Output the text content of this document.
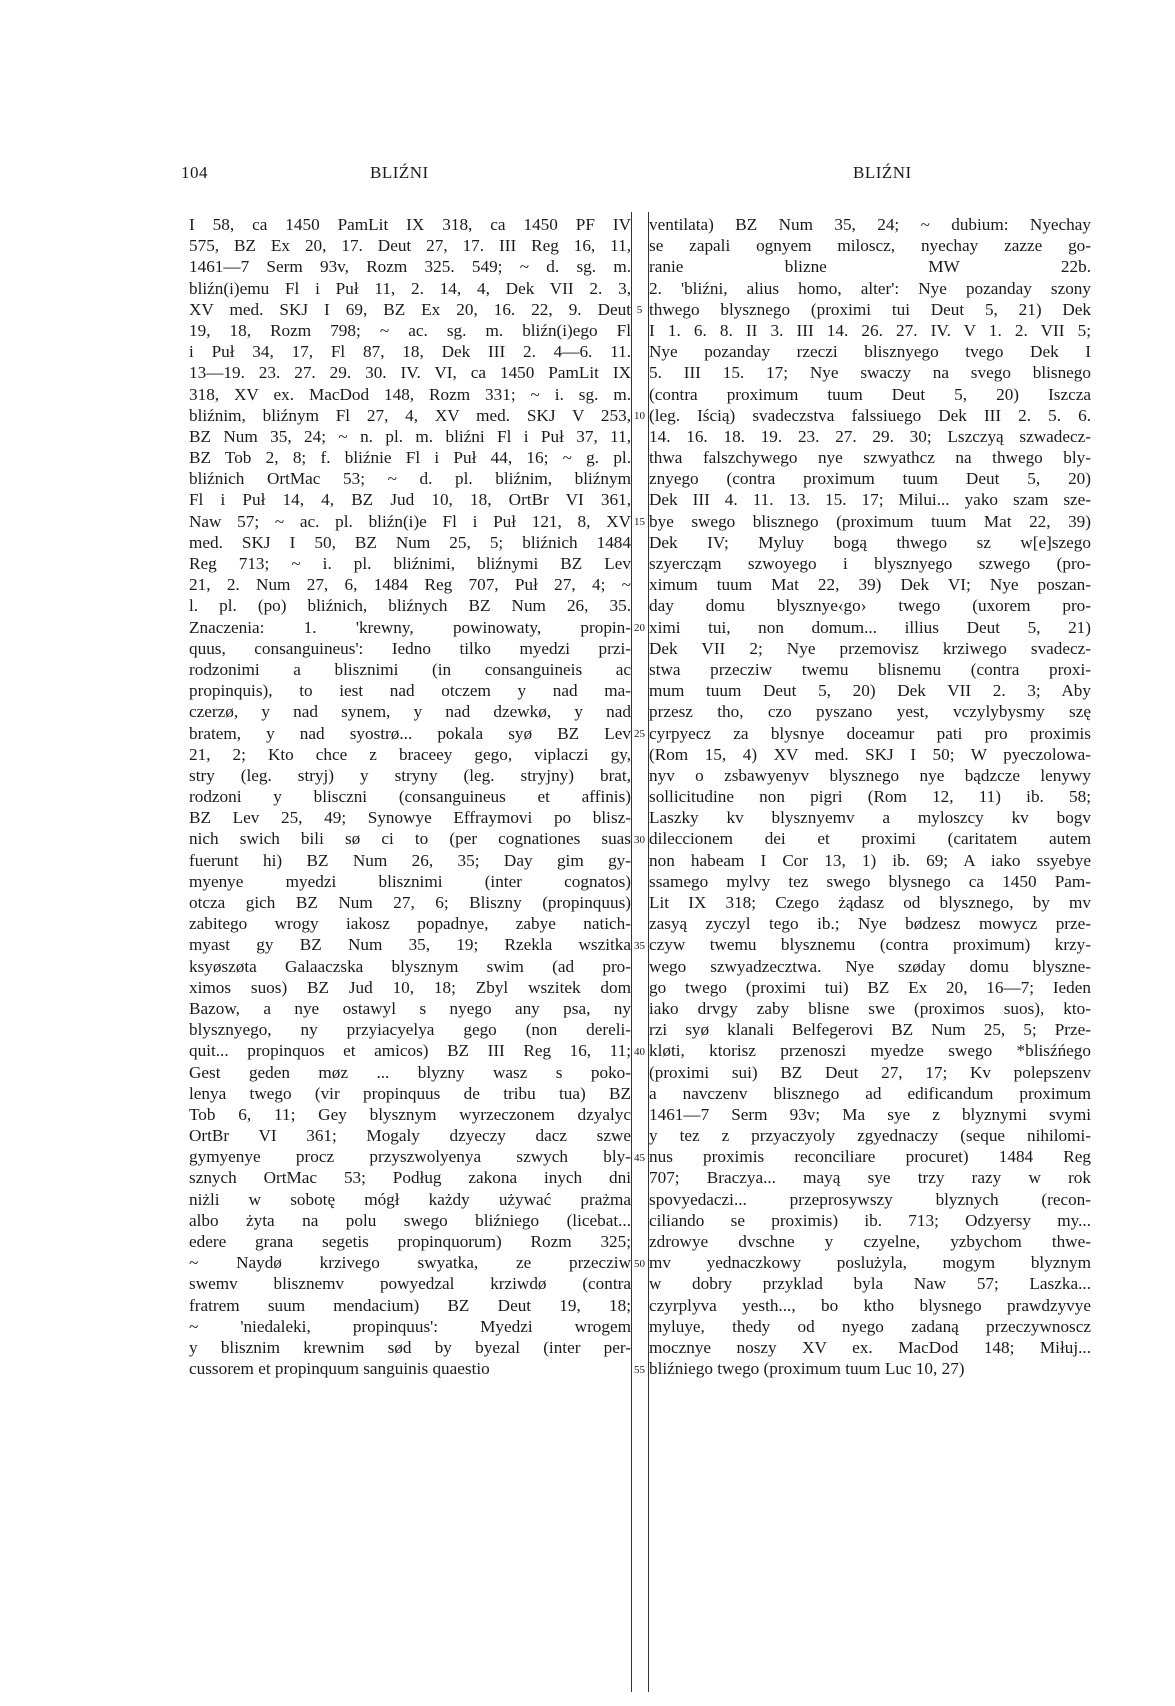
104	BLIŹNI	BLIŹNI
I 58, ca 1450 PamLit IX 318, ca 1450 PF IV
575, BZ Ex 20, 17. Deut 27, 17. III Reg 16, 11,
1461—7 Serm 93v, Rozm 325. 549; ~ d. sg. m.
bliźn(i)emu Fl i Puł 11, 2. 14, 4, Dek VII 2. 3,
XV med. SKJ I 69, BZ Ex 20, 16. 22, 9. Deut
19, 18, Rozm 798; ~ ac. sg. m. bliźn(i)ego Fl
i Puł 34, 17, Fl 87, 18, Dek III 2. 4—6. 11.
13—19. 23. 27. 29. 30. IV. VI, ca 1450 PamLit IX
318, XV ex. MacDod 148, Rozm 331; ~ i. sg. m.
bliźnim, bliźnym Fl 27, 4, XV med. SKJ V 253,
BZ Num 35, 24; ~ n. pl. m. bliźni Fl i Puł 37, 11,
BZ Tob 2, 8; f. bliźnie Fl i Puł 44, 16; ~ g. pl.
bliźnich OrtMac 53; ~ d. pl. bliźnim, bliźnym
Fl i Puł 14, 4, BZ Jud 10, 18, OrtBr VI 361,
Naw 57; ~ ac. pl. bliźn(i)e Fl i Puł 121, 8, XV
med. SKJ I 50, BZ Num 25, 5; bliźnich 1484
Reg 713; ~ i. pl. bliźnimi, bliźnymi BZ Lev
21, 2. Num 27, 6, 1484 Reg 707, Puł 27, 4; ~
l. pl. (po) bliźnich, bliźnych BZ Num 26, 35.
Znaczenia: 1. 'krewny, powinowaty, propin-
quus, consanguineus': Iedno tilko myedzi przi-
rodzonimi a blisznimi (in consanguineis ac
propinquis), to iest nad otczem y nad ma-
czerzø, y nad synem, y nad dzewkø, y nad
bratem, y nad syostrø... pokala syø BZ Lev
21, 2; Kto chce z braceey gego, viplaczi gy,
stry (leg. stryj) y stryny (leg. stryjny) brat,
rodzoni y blisczni (consanguineus et affinis)
BZ Lev 25, 49; Synowye Effraymovi po blisz-
nich swich bili sø ci to (per cognationes suas
fuerunt hi) BZ Num 26, 35; Day gim gy-
myenye myedzi blisznimi (inter cognatos)
otcza gich BZ Num 27, 6; Bliszny (propinquus)
zabitego wrogy iakosz popadnye, zabye natich-
myast gy BZ Num 35, 19; Rzekla wszitka
ksyøszøta Galaaczska blysznym swim (ad pro-
ximos suos) BZ Jud 10, 18; Zbyl wszitek dom
Bazow, a nye ostawyl s nyego any psa, ny
blysznyego, ny przyiacyelya gego (non dereli-
quit... propinquos et amicos) BZ III Reg 16, 11;
Gest geden møz ... blyzny wasz s poko-
lenya twego (vir propinquus de tribu tua) BZ
Tob 6, 11; Gey blysznym wyrzeczonem dzyalyc
OrtBr VI 361; Mogaly dzyeczy dacz szwe
gymyenye procz przyszwolyenya szwych bly-
sznych OrtMac 53; Podług zakona inych dni
niżli w sobotę mógł każdy używać prażma
albo żyta na polu swego bliźniego (licebat...
edere grana segetis propinquorum) Rozm 325;
~ Naydø krzivego swyatka, ze przecziw
swemv blisznemv powyedzal krziwdø (contra
fratrem suum mendacium) BZ Deut 19, 18;
~ 'niedaleki, propinquus': Myedzi wrogem
y blisznim krewnim sød by byezal (inter per-
cussorem et propinquum sanguinis quaestio
5
10
15
20
25
30
35
40
45
50
55
ventilata) BZ Num 35, 24; ~ dubium: Nyechay
se zapali ognyem miloscz, nyechay zazze go-
ranie blizne MW 22b.
2. 'bliźni, alius homo, alter': Nye pozanday szony
thwego blysznego (proximi tui Deut 5, 21) Dek
I 1. 6. 8. II 3. III 14. 26. 27. IV. V 1. 2. VII 5;
Nye pozanday rzeczi blisznyego tvego Dek I
5. III 15. 17; Nye swaczy na svego blisnego
(contra proximum tuum Deut 5, 20) Iszcza
(leg. Iścią) svadeczstva falssiuego Dek III 2. 5. 6.
14. 16. 18. 19. 23. 27. 29. 30; Lszczyą szwadecz-
thwa falszchywego nye szwyathcz na thwego bly-
znyego (contra proximum tuum Deut 5, 20)
Dek III 4. 11. 13. 15. 17; Milui... yako szam sze-
bye swego blisznego (proximum tuum Mat 22, 39)
Dek IV; Myluy bogą thwego sz w[e]szego
szyercząm szwoyego i blysznyego szwego (pro-
ximum tuum Mat 22, 39) Dek VI; Nye poszan-
day domu blysznye‹go› twego (uxorem pro-
ximi tui, non domum... illius Deut 5, 21)
Dek VII 2; Nye przemovisz krziwego svadecz-
stwa przecziw twemu blisnemu (contra proxi-
mum tuum Deut 5, 20) Dek VII 2. 3; Aby
przesz tho, czo pyszano yest, vczylybysmy szę
cyrpyecz za blysnye doceamur pati pro proximis
(Rom 15, 4) XV med. SKJ I 50; W pyeczolowa-
nyv o zsbawyenyv blysznego nye bądzcze lenywy
sollicitudine non pigri (Rom 12, 11) ib. 58;
Laszky kv blysznyemv a myloszcy kv bogv
dileccionem dei et proximi (caritatem autem
non habeam I Cor 13, 1) ib. 69; A iako ssyebye
ssamego mylvy tez swego blysnego ca 1450 Pam-
Lit IX 318; Czego żądasz od blysznego, by mv
zasyą zyczyl tego ib.; Nye bødzesz mowycz prze-
czyw twemu blysznemu (contra proximum) krzy-
wego szwyadzecztwa. Nye szøday domu blyszne-
go twego (proximi tui) BZ Ex 20, 16—7; Ieden
iako drvgy zaby blisne swe (proximos suos), kto-
rzi syø klanali Belfegerovi BZ Num 25, 5; Prze-
kløti, ktorisz przenoszi myedze swego *blisźńego
(proximi sui) BZ Deut 27, 17; Kv polepszenv
a navczenv blisznego ad edificandum proximum
1461—7 Serm 93v; Ma sye z blyznymi svymi
y tez z przyaczyoly zgyednaczy (seque nihilomi-
nus proximis reconciliare procuret) 1484 Reg
707; Braczya... mayą sye trzy razy w rok
spovyedaczi... przeprosywszy blyznych (recon-
ciliando se proximis) ib. 713; Odzyersy my...
zdrowye dvschne y czyelne, yzbychom thwe-
mv yednaczkowy poslużyla, mogym blyznym
w dobry przyklad byla Naw 57; Laszka...
czyrplyva yesth..., bo ktho blysnego prawdzyvye
myluye, thedy od nyego zadaną przeczywnoscz
mocznye noszy XV ex. MacDod 148; Miłuj...
bliźniego twego (proximum tuum Luc 10, 27)
